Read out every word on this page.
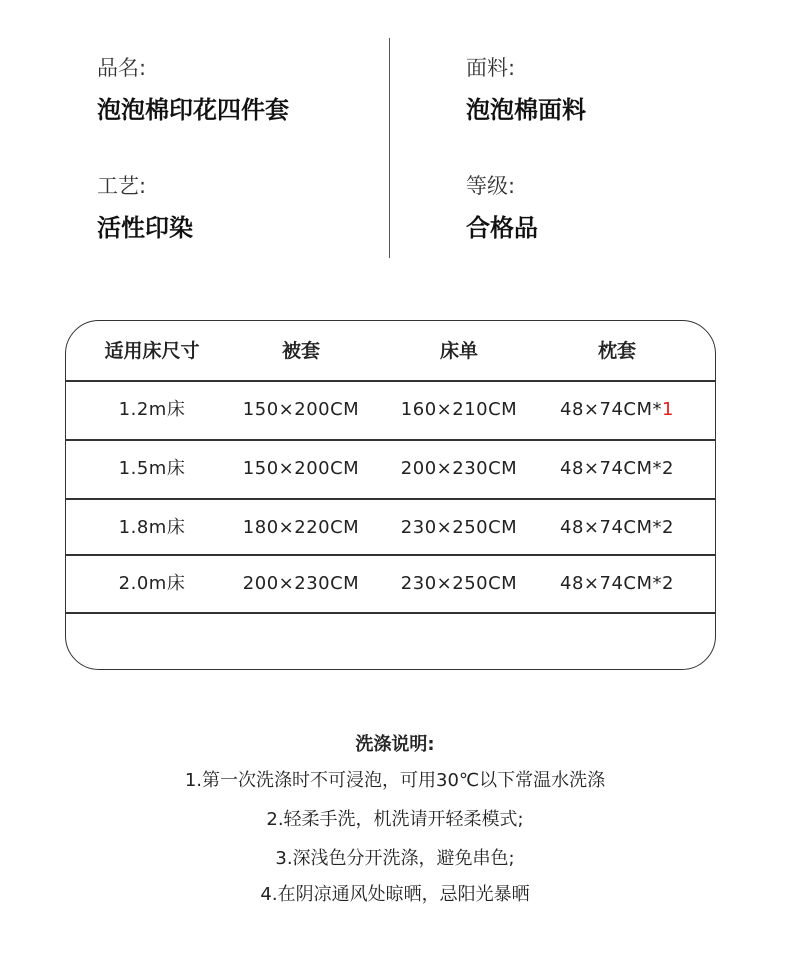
品名:
泡泡棉印花四件套
面料:
泡泡棉面料
工艺:
活性印染
等级:
合格品
适用床尺寸	被套	床单	枕套
1.2m床	150×200CM 160×210CM 48×74CM*1
1.5m床	150×200CM 200×230CM 48×74CM*2
1.8m床	180×220CM 230×250CM 48×74CM*2
2.0m床	200×230CM 230×250CM 48×74CM*2
洗涤说明:
1.第一次洗涤时不可浸泡，可用30℃以下常温水洗涤
2.轻柔手洗，机洗请开轻柔模式;
3.深浅色分开洗涤，避免串色;
4.在阴凉通风处晾晒，忌阳光暴晒
